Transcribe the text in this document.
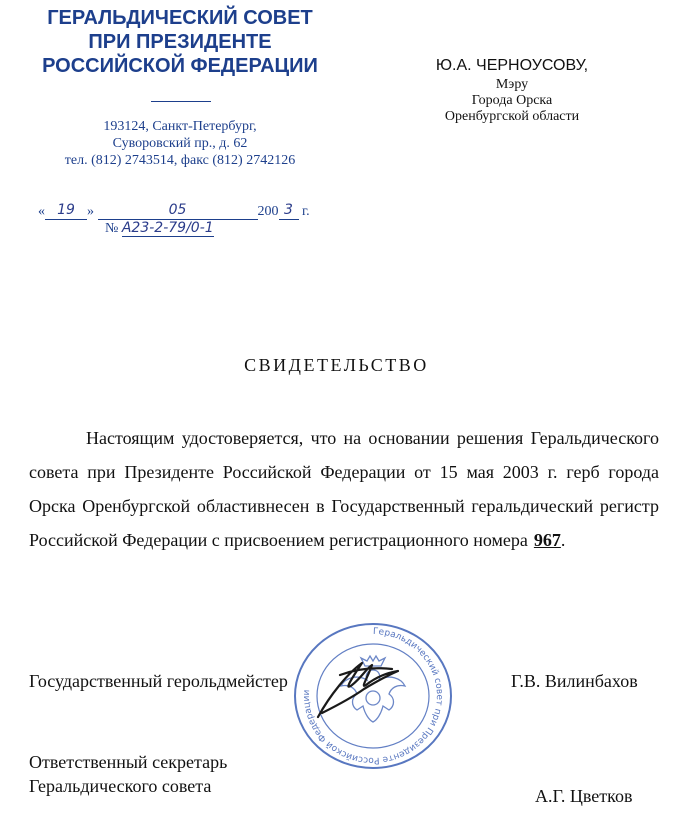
ГЕРАЛЬДИЧЕСКИЙ СОВЕТ
ПРИ ПРЕЗИДЕНТЕ
РОССИЙСКОЙ ФЕДЕРАЦИИ
193124, Санкт-Петербург,
Суворовский пр., д. 62
тел. (812) 2743514, факс (812) 2742126
Ю.А. ЧЕРНОУСОВУ,
Мэру
Города Орска
Оренбургской области
« 19 »	05	200 3 г.
№ А23-2-79/0-1
СВИДЕТЕЛЬСТВО
Настоящим удостоверяется, что на основании решения Геральдического совета при Президенте Российской Федерации от 15 мая 2003 г. герб города Орска Оренбургской областивнесен в Государственный геральдический регистр Российской Федерации с присвоением регистрационного номера 967.
Геральдический совет при Президенте Российской Федерации
Государственный герольдмейстер	Г.В. Вилинбахов
Ответственный секретарь
Геральдического совета	А.Г. Цветков
